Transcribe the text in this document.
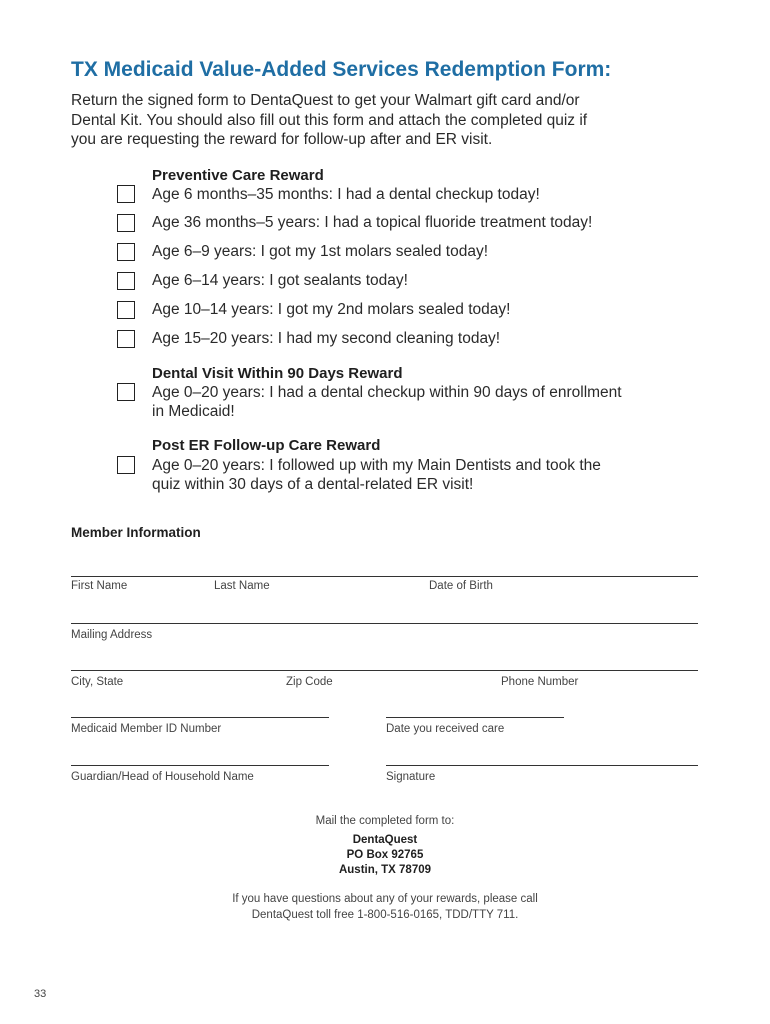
TX Medicaid Value-Added Services Redemption Form:
Return the signed form to DentaQuest to get your Walmart gift card and/or
Dental Kit. You should also fill out this form and attach the completed quiz if
you are requesting the reward for follow-up after and ER visit.
Preventive Care Reward
Age 6 months–35 months: I had a dental checkup today!
Age 36 months–5 years: I had a topical fluoride treatment today!
Age 6–9 years: I got my 1st molars sealed today!
Age 6–14 years: I got sealants today!
Age 10–14 years: I got my 2nd molars sealed today!
Age 15–20 years: I had my second cleaning today!
Dental Visit Within 90 Days Reward
Age 0–20 years: I had a dental checkup within 90 days of enrollment
in Medicaid!
Post ER Follow-up Care Reward
Age 0–20 years: I followed up with my Main Dentists and took the
quiz within 30 days of a dental-related ER visit!
Member Information
First Name	Last Name	Date of Birth
Mailing Address
City, State	Zip Code	Phone Number
Medicaid Member ID Number	Date you received care
Guardian/Head of Household Name	Signature
Mail the completed form to:
DentaQuest
PO Box 92765
Austin, TX 78709
If you have questions about any of your rewards, please call
DentaQuest toll free 1-800-516-0165, TDD/TTY 711.
33
